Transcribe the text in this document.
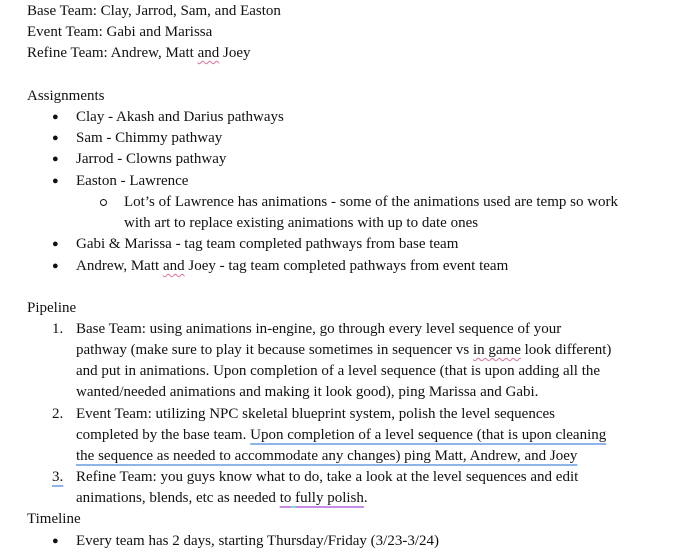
Base Team: Clay, Jarrod, Sam, and Easton
Event Team: Gabi and Marissa
Refine Team: Andrew, Matt and Joey
Assignments
● Clay - Akash and Darius pathways
● Sam - Chimmy pathway
● Jarrod - Clowns pathway
● Easton - Lawrence
Lot’s of Lawrence has animations - some of the animations used are temp so work
with art to replace existing animations with up to date ones
● Gabi & Marissa - tag team completed pathways from base team
● Andrew, Matt and Joey - tag team completed pathways from event team
Pipeline
1. Base Team: using animations in-engine, go through every level sequence of your
pathway (make sure to play it because sometimes in sequencer vs in game look different)
and put in animations. Upon completion of a level sequence (that is upon adding all the
wanted/needed animations and making it look good), ping Marissa and Gabi.
2. Event Team: utilizing NPC skeletal blueprint system, polish the level sequences
completed by the base team. Upon completion of a level sequence (that is upon cleaning
the sequence as needed to accommodate any changes) ping Matt, Andrew, and Joey
3. Refine Team: you guys know what to do, take a look at the level sequences and edit
animations, blends, etc as needed to fully polish.
Timeline
● Every team has 2 days, starting Thursday/Friday (3/23-3/24)
